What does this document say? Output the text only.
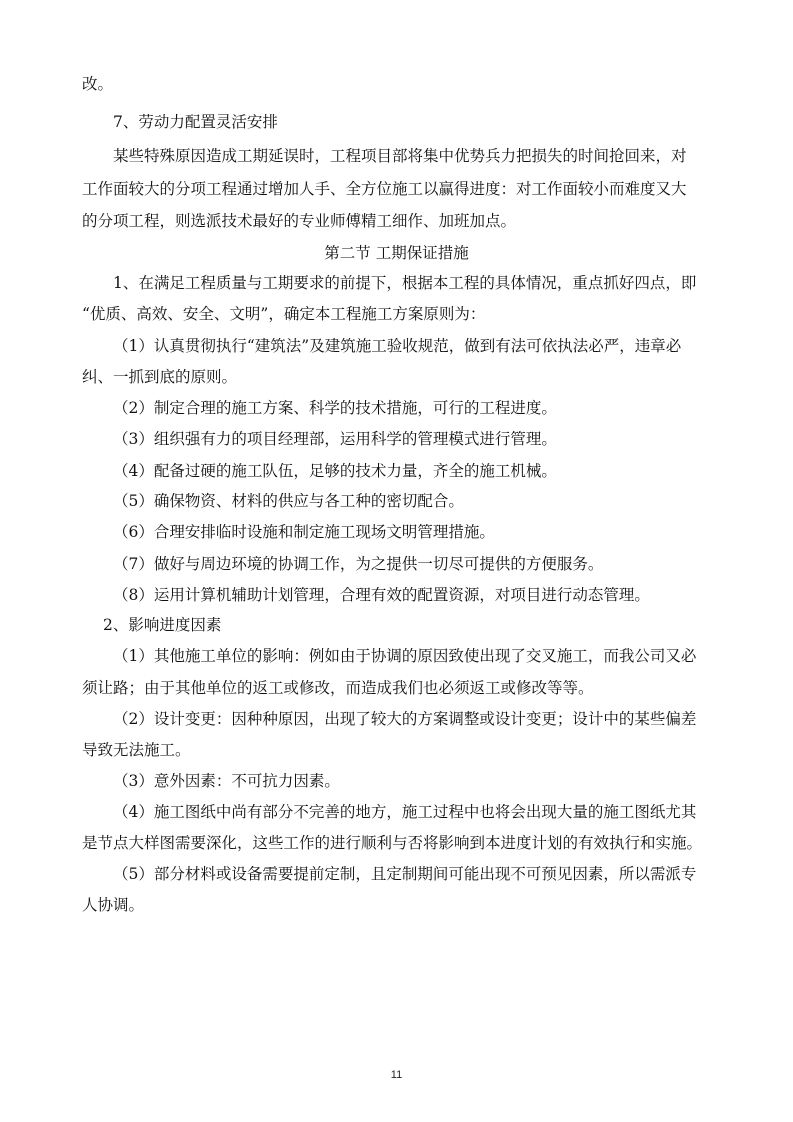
改。
7、劳动力配置灵活安排
某些特殊原因造成工期延误时，工程项目部将集中优势兵力把损失的时间抢回来，对
工作面较大的分项工程通过增加人手、全方位施工以赢得进度：对工作面较小而难度又大
的分项工程，则选派技术最好的专业师傅精工细作、加班加点。
第二节 工期保证措施
1、在满足工程质量与工期要求的前提下，根据本工程的具体情况，重点抓好四点，即
“优质、高效、安全、文明”，确定本工程施工方案原则为：
（1）认真贯彻执行“建筑法”及建筑施工验收规范，做到有法可依执法必严，违章必
纠、一抓到底的原则。
（2）制定合理的施工方案、科学的技术措施，可行的工程进度。
（3）组织强有力的项目经理部，运用科学的管理模式进行管理。
（4）配备过硬的施工队伍，足够的技术力量，齐全的施工机械。
（5）确保物资、材料的供应与各工种的密切配合。
（6）合理安排临时设施和制定施工现场文明管理措施。
（7）做好与周边环境的协调工作，为之提供一切尽可提供的方便服务。
（8）运用计算机辅助计划管理，合理有效的配置资源，对项目进行动态管理。
2、影响进度因素
（1）其他施工单位的影响：例如由于协调的原因致使出现了交叉施工，而我公司又必
须让路；由于其他单位的返工或修改，而造成我们也必须返工或修改等等。
（2）设计变更：因种种原因，出现了较大的方案调整或设计变更；设计中的某些偏差
导致无法施工。
（3）意外因素：不可抗力因素。
（4）施工图纸中尚有部分不完善的地方，施工过程中也将会出现大量的施工图纸尤其
是节点大样图需要深化，这些工作的进行顺利与否将影响到本进度计划的有效执行和实施。
（5）部分材料或设备需要提前定制，且定制期间可能出现不可预见因素，所以需派专
人协调。
11
